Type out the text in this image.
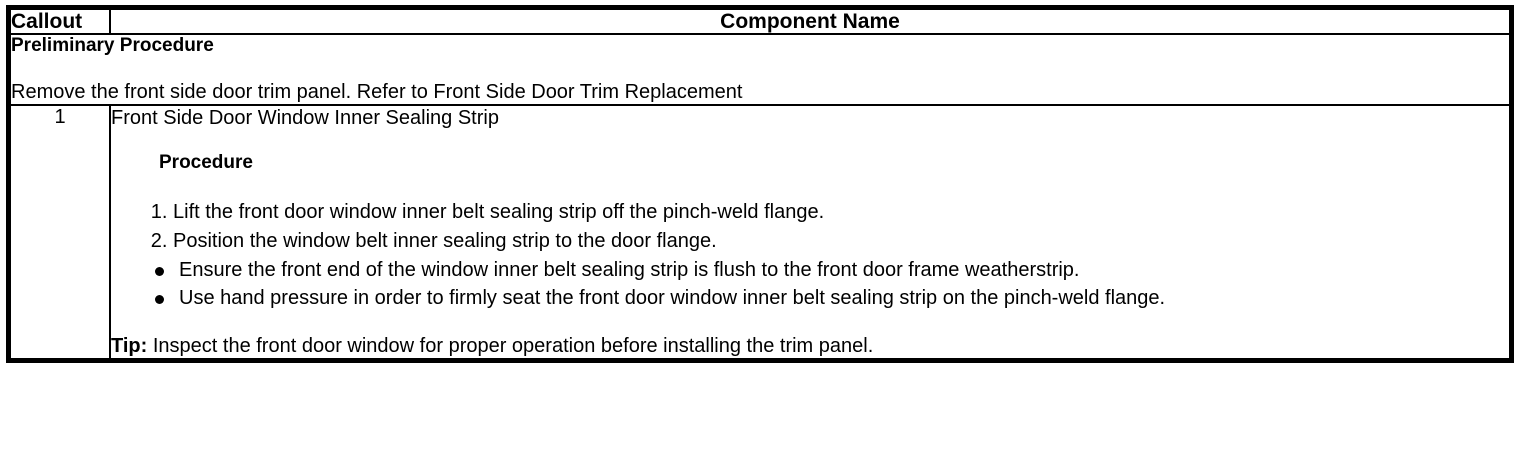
Callout	Component Name

Preliminary Procedure
Remove the front side door trim panel. Refer to Front Side Door Trim Replacement	

1	Front Side Door Window Inner Sealing Strip
Procedure
1. Lift the front door window inner belt sealing strip off the pinch-weld flange.
2. Position the window belt inner sealing strip to the door flange.
Ensure the front end of the window inner belt sealing strip is flush to the front door frame weatherstrip.
Use hand pressure in order to firmly seat the front door window inner belt sealing strip on the pinch-weld flange.
Tip: Inspect the front door window for proper operation before installing the trim panel.
